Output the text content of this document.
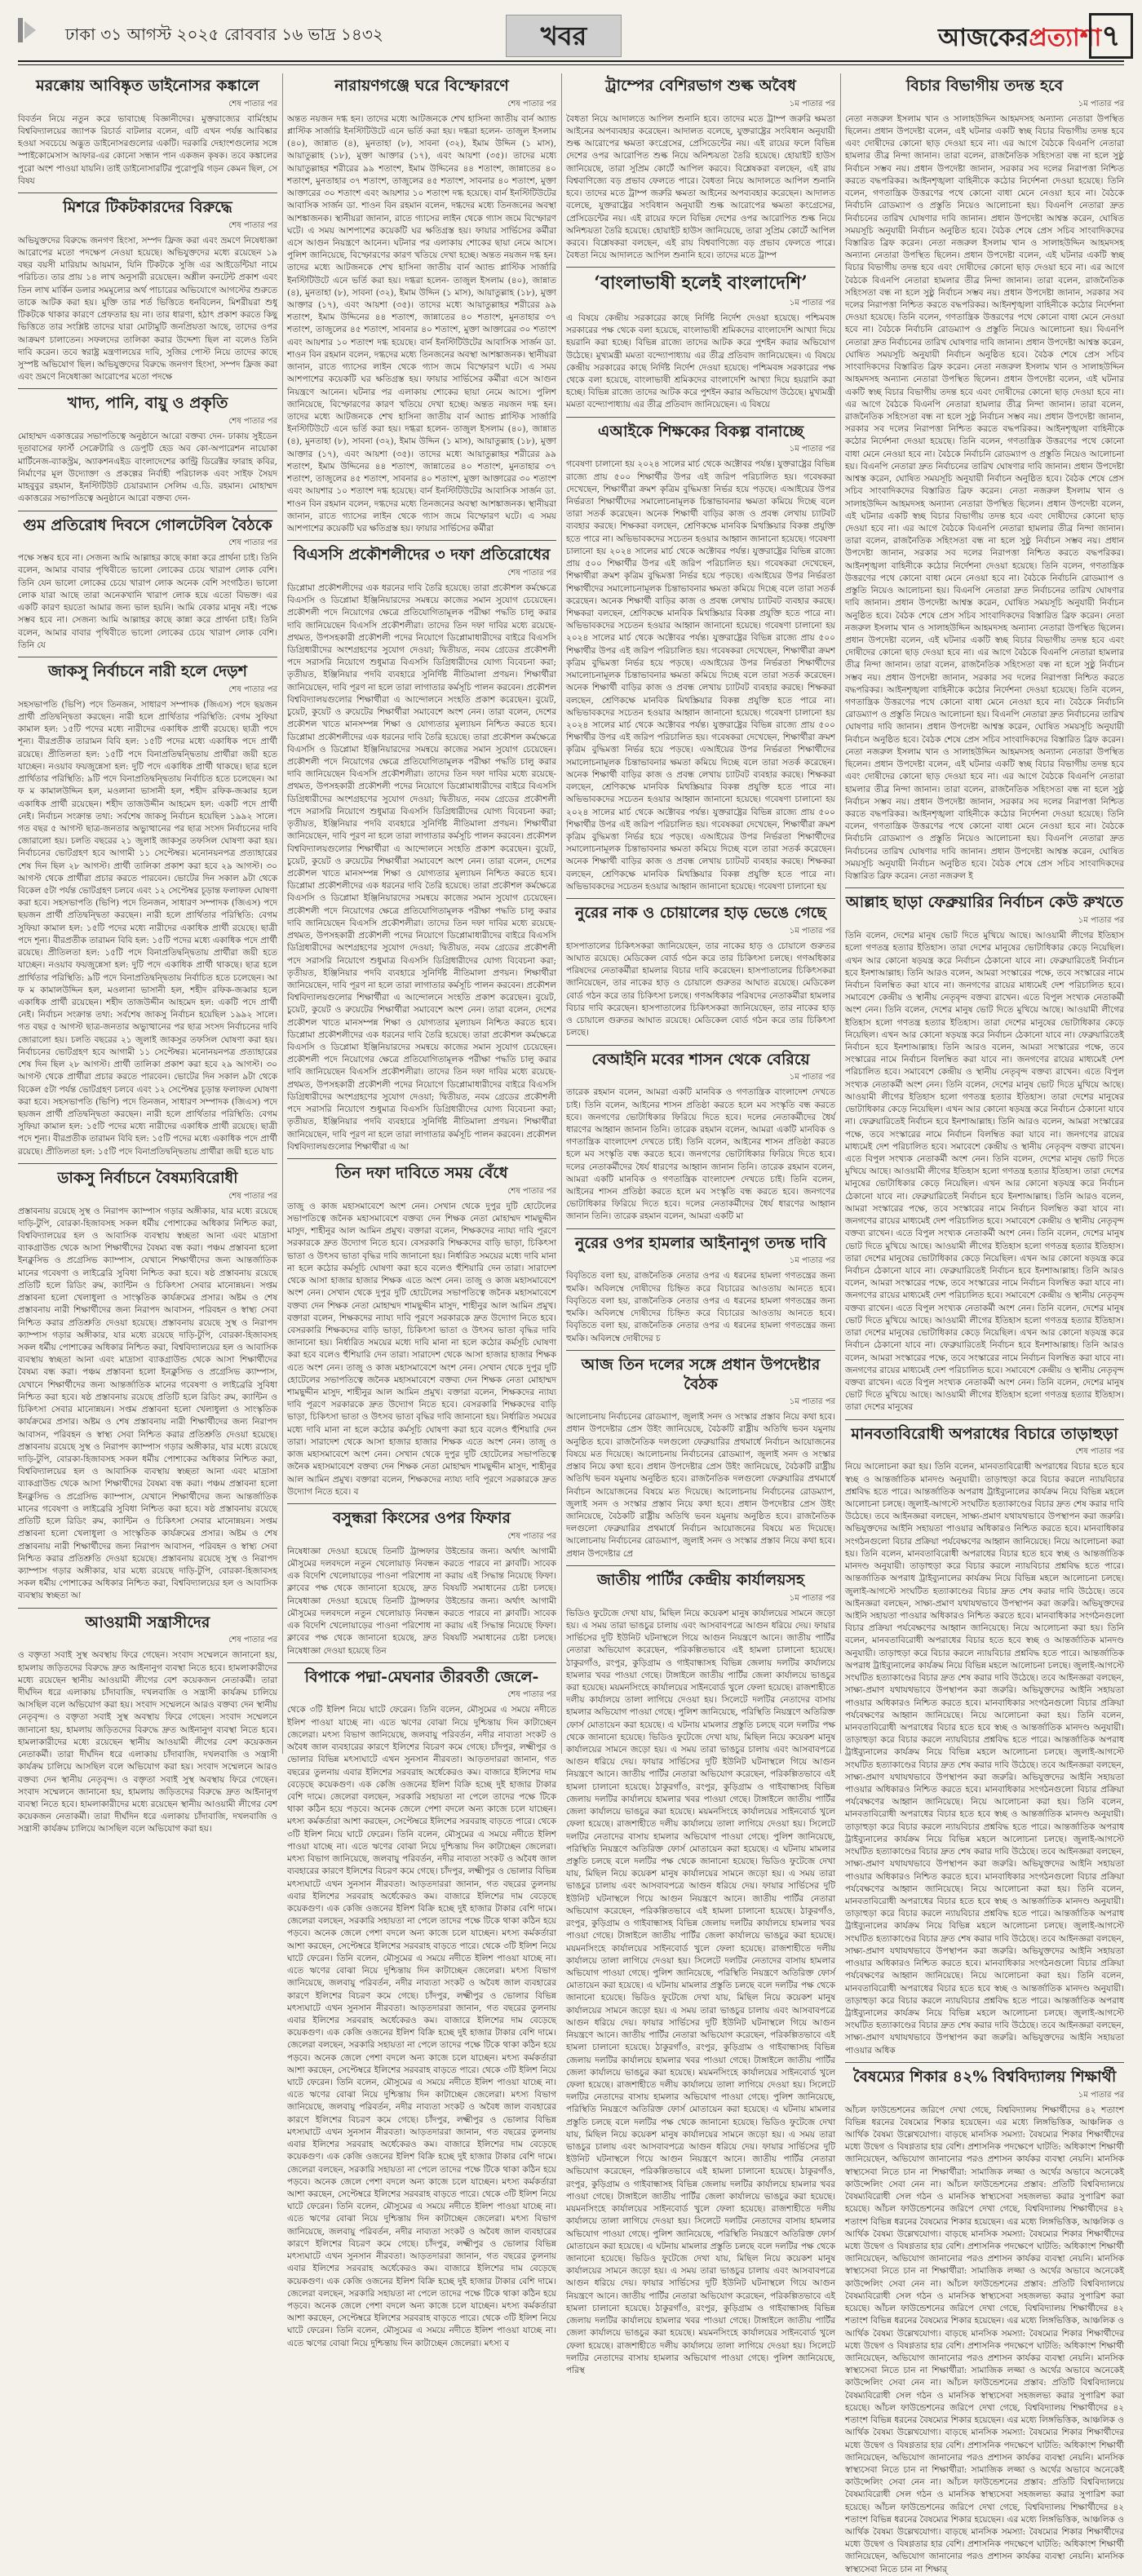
ঢাকা ৩১ আগস্ট ২০২৫ রোববার ১৬ ভাদ্র ১৪৩২	খবর	আজকেরপ্রত্যাশা ৭
মরক্কোয় আবিষ্কৃত ডাইনোসর কঙ্কালে
শেষ পাতার পর
বিবর্তন নিয়ে নতুন করে ভাবাচ্ছে বিজ্ঞানীদের। মুক্তরাজ্যের বার্মিংহাম বিশ্ববিদ্যালয়ের জ্যাপক রিচার্ড বাটলার বলেন, এটি এখন পর্যন্ত আবিষ্কার হওয়া সবচেয়ে অদ্ভুত ডাইনোসরগুলোর একটি। দরকারি দেহাংশগুলোর সঙ্গে স্পাইকোমেসাস আফার-এর কোনো সন্ধান পান একজন কৃষক। তবে কঙ্কালের পুরো অংশ পাওয়া যায়নি। তাই ডাইনোসারটির পুরোপুরি গড়ন কেমন ছিল, সে বিষয
মিশরে টিকটকারদের বিরুদ্ধে
শেষ পাতার পর
অভিযুক্তদের বিরুদ্ধে জনগণ হিংসা, সম্পদ ফ্রিজ করা এবং ভ্রমণে নিষেধাজ্ঞা আরোপের মতো পদক্ষেপ নেওয়া হয়েছে। অভিযুক্তদের মধ্যে রয়েছেন ১৯ বছর বয়সী মারিয়াম আয়মান, যিনি টিকটকে সুজি এর আইডেন্টিয়া নামে পরিচিত। তার প্রায় ১৪ লাখ অনুসারী রয়েছেন। অশ্লীল কনটেন্ট প্রকাশ এবং তিন লাখ মার্কিন ডলার সমমূল্যের অর্থ পাচারের অভিযোগে আগস্টের শুরুতে তাকে আটক করা হয়। মুক্তি তার শর্ত ভিত্তিতে ধনবিলেন, মিশরীয়রা শুধু টিকটকে থাকার কারণে প্রেফতার হয় না। তার ধারণা, হঠাৎ প্রকাশ করতে কিছু ভিত্তিতে তার সংশ্লিষ্ট তাদের যারা মোটামুটি জনপ্রিয়তা আছে, তাদের ওপর আক্রমণ চালাতেন। সফলদের তালিকা করার উদ্দেশ্য ছিল না বলেও তিনি দাবি করেন। তবে স্বরাষ্ট্র মন্ত্রণালয়ের দাবি, সুজির পোস্ট নিয়ে তাদের কাছে সুস্পষ্ট অভিযোগ ছিল। অভিযুক্তদের বিরুদ্ধে জনগণ হিংসা, সম্পদ ফ্রিজ করা এবং ভ্রমণে নিষেধাজ্ঞা আরোপের মতো পদক্ষে
খাদ্য, পানি, বায়ু ও প্রকৃতি
শেষ পাতার পর
মোহাম্মদ একাত্তরের সভাপতিত্বে অনুষ্ঠানে আরো বক্তব্য দেন- ঢাকায় সুইডেন দূতাবাসের ফার্স্ট সেক্রেটারি ও ডেপুটি হেড অব কো-অপারেশন নায়োকা মার্টিনেজ-ব্যাকস্ট্রম, অ্যাকশনএইড বাংলাদেশের কান্ট্রি ডিরেক্টর ফারাহ কবির, নির্মাণের মূল উদ্যোক্তা ও প্রকল্পের নির্বাহী পরিচালক এবং সাইফ সৈয়দ মাহবুবুর রহমান, ইনস্টিটিউট চেয়ারম্যান সেলিম এ.ডি. রহমান। মোহাম্মদ একাত্তরের সভাপতিত্বে অনুষ্ঠানে আরো বক্তব্য দেন-
গুম প্রতিরোধ দিবসে গোলটেবিল বৈঠকে
শেষ পাতার পর
পক্ষে সম্ভব হবে না। সেজন্য আমি আল্লাহর কাছে কান্না করে প্রার্থনা চাই। তিনি বলেন, আমার বাবার পৃথিবীতে ভালো লোকের চেয়ে খারাপ লোক বেশি। তিনি যেন ভালো লোকের চেয়ে খারাপ লোক অনেক বেশি সংগঠিত। ভালো লোক যারা আছে তারা অনেকখানি খারাপ লোক হয়ে এতো বিভক্ত। এর একটি কারণ হয়তো আমার জন্য ভাল হয়নি। আমি বেকার মানুষ নই। পক্ষে সম্ভব হবে না। সেজন্য আমি আল্লাহর কাছে কান্না করে প্রার্থনা চাই। তিনি বলেন, আমার বাবার পৃথিবীতে ভালো লোকের চেয়ে খারাপ লোক বেশি। তিনি যে
জাকসু নির্বাচনে নারী হলে দেড়শ
শেষ পাতার পর
সহসভাপতি (ভিপি) পদে তিনজন, সাধারণ সম্পাদক (জিএস) পদে ছয়জন প্রার্থী প্রতিদ্বন্দ্বিতা করছেন। নারী হলে প্রার্থিতার পরিস্থিতি: বেগম সুফিয়া কামাল হল: ১৫টি পদের মধ্যে নারীদের একাধিক প্রার্থী রয়েছে। ছাত্রী পদে শূন্য। বীরপ্রতীক তারামন বিবি হল: ১৫টি পদের মধ্যে একাধিক পদে প্রার্থী রয়েছে। প্রীতিলতা হল: ১৫টি পদে বিনাপ্রতিদ্বন্দ্বিতায় প্রার্থীরা জয়ী হতে যাচ্ছেন। নওয়াব ফয়জুন্নেসা হল: দুটি পদে একাধিক প্রার্থী থাকছে। ছাত্র হলে প্রার্থিতার পরিস্থিতি: ৯টি পদে বিনাপ্রতিদ্বন্দ্বিতায় নির্বাচিত হতে চলেছেন। আ ফ ম কামালউদ্দিন হল, মওলানা ভাসানী হল, শহীদ রফিক-জব্বার হলে একাধিক প্রার্থী রয়েছেন। শহীদ তাজউদ্দীন আহমেদ হল: একটি পদে প্রার্থী নেই। নির্বাচন সংক্রান্ত তথ্য: সর্বশেষ জাকসু নির্বাচন হয়েছিল ১৯৯২ সালে। গত বছর ৫ আগস্ট ছাত্র-জনতার অভ্যুত্থানের পর ছাত্র সংসদ নির্বাচনের দাবি জোরালো হয়। চলতি বছরের ২১ জুলাই জাকসুর তফসিল ঘোষণা করা হয়। নির্বাচনের ভোটগ্রহণ হবে আগামী ১১ সেপ্টেম্বর। মনোনয়নপত্র প্রত্যাহারের শেষ দিন ছিল ২৮ আগস্ট। প্রার্থী তালিকা প্রকাশ করা হবে ২৯ আগস্ট। ৩০ আগস্ট থেকে প্রার্থীরা প্রচার করতে পারবেন। ভোটের দিন সকাল ৯টা থেকে বিকেল ৫টা পর্যন্ত ভোটগ্রহণ চলবে এবং ১২ সেপ্টেম্বর চূড়ান্ত ফলাফল ঘোষণা করা হবে। সহসভাপতি (ভিপি) পদে তিনজন, সাধারণ সম্পাদক (জিএস) পদে ছয়জন প্রার্থী প্রতিদ্বন্দ্বিতা করছেন। নারী হলে প্রার্থিতার পরিস্থিতি: বেগম সুফিয়া কামাল হল: ১৫টি পদের মধ্যে নারীদের একাধিক প্রার্থী রয়েছে। ছাত্রী পদে শূন্য। বীরপ্রতীক তারামন বিবি হল: ১৫টি পদের মধ্যে একাধিক পদে প্রার্থী রয়েছে। প্রীতিলতা হল: ১৫টি পদে বিনাপ্রতিদ্বন্দ্বিতায় প্রার্থীরা জয়ী হতে যাচ্ছেন। নওয়াব ফয়জুন্নেসা হল: দুটি পদে একাধিক প্রার্থী থাকছে। ছাত্র হলে প্রার্থিতার পরিস্থিতি: ৯টি পদে বিনাপ্রতিদ্বন্দ্বিতায় নির্বাচিত হতে চলেছেন। আ ফ ম কামালউদ্দিন হল, মওলানা ভাসানী হল, শহীদ রফিক-জব্বার হলে একাধিক প্রার্থী রয়েছেন। শহীদ তাজউদ্দীন আহমেদ হল: একটি পদে প্রার্থী নেই। নির্বাচন সংক্রান্ত তথ্য: সর্বশেষ জাকসু নির্বাচন হয়েছিল ১৯৯২ সালে। গত বছর ৫ আগস্ট ছাত্র-জনতার অভ্যুত্থানের পর ছাত্র সংসদ নির্বাচনের দাবি জোরালো হয়। চলতি বছরের ২১ জুলাই জাকসুর তফসিল ঘোষণা করা হয়। নির্বাচনের ভোটগ্রহণ হবে আগামী ১১ সেপ্টেম্বর। মনোনয়নপত্র প্রত্যাহারের শেষ দিন ছিল ২৮ আগস্ট। প্রার্থী তালিকা প্রকাশ করা হবে ২৯ আগস্ট। ৩০ আগস্ট থেকে প্রার্থীরা প্রচার করতে পারবেন। ভোটের দিন সকাল ৯টা থেকে বিকেল ৫টা পর্যন্ত ভোটগ্রহণ চলবে এবং ১২ সেপ্টেম্বর চূড়ান্ত ফলাফল ঘোষণা করা হবে। সহসভাপতি (ভিপি) পদে তিনজন, সাধারণ সম্পাদক (জিএস) পদে ছয়জন প্রার্থী প্রতিদ্বন্দ্বিতা করছেন। নারী হলে প্রার্থিতার পরিস্থিতি: বেগম সুফিয়া কামাল হল: ১৫টি পদের মধ্যে নারীদের একাধিক প্রার্থী রয়েছে। ছাত্রী পদে শূন্য। বীরপ্রতীক তারামন বিবি হল: ১৫টি পদের মধ্যে একাধিক পদে প্রার্থী রয়েছে। প্রীতিলতা হল: ১৫টি পদে বিনাপ্রতিদ্বন্দ্বিতায় প্রার্থীরা জয়ী হতে যাচ
ডাকসু নির্বাচনে বৈষম্যবিরোধী
শেষ পাতার পর
প্রস্তাবনায় রয়েছে সুস্থ ও নিরাপদ ক্যাম্পাস গড়ার অঙ্গীকার, যার মধ্যে রয়েছে দাড়ি-টুপি, বোরকা-হিজাবসহ সকল ধর্মীয় পোশাকের অধিকার নিশ্চিত করা, বিশ্ববিদ্যালয়ের হল ও আবাসিক ব্যবস্থায় স্বচ্ছতা আনা এবং মাদ্রাসা ব্যাকগ্রাউন্ড থেকে আসা শিক্ষার্থীদের বৈষম্য বন্ধ করা। পঞ্চম প্রস্তাবনা হলো ইনক্লুসিভ ও প্রগ্রেসিভ ক্যাম্পাস, যেখানে শিক্ষার্থীদের জন্য আন্তর্জাতিক মানের গবেষণা ও লাইব্রেরি সুবিধা নিশ্চিত করা হবে। ষষ্ঠ প্রস্তাবনায় রয়েছে প্রতিটি হলে রিডিং রুম, ক্যান্টিন ও চিকিৎসা সেবার মানোন্নয়ন। সপ্তম প্রস্তাবনা হলো খেলাধুলা ও সাংস্কৃতিক কার্যক্রমের প্রসার। অষ্টম ও শেষ প্রস্তাবনায় নারী শিক্ষার্থীদের জন্য নিরাপদ আবাসন, পরিবহন ও স্বাস্থ্য সেবা নিশ্চিত করার প্রতিশ্রুতি দেওয়া হয়েছে। প্রস্তাবনায় রয়েছে সুস্থ ও নিরাপদ ক্যাম্পাস গড়ার অঙ্গীকার, যার মধ্যে রয়েছে দাড়ি-টুপি, বোরকা-হিজাবসহ সকল ধর্মীয় পোশাকের অধিকার নিশ্চিত করা, বিশ্ববিদ্যালয়ের হল ও আবাসিক ব্যবস্থায় স্বচ্ছতা আনা এবং মাদ্রাসা ব্যাকগ্রাউন্ড থেকে আসা শিক্ষার্থীদের বৈষম্য বন্ধ করা। পঞ্চম প্রস্তাবনা হলো ইনক্লুসিভ ও প্রগ্রেসিভ ক্যাম্পাস, যেখানে শিক্ষার্থীদের জন্য আন্তর্জাতিক মানের গবেষণা ও লাইব্রেরি সুবিধা নিশ্চিত করা হবে। ষষ্ঠ প্রস্তাবনায় রয়েছে প্রতিটি হলে রিডিং রুম, ক্যান্টিন ও চিকিৎসা সেবার মানোন্নয়ন। সপ্তম প্রস্তাবনা হলো খেলাধুলা ও সাংস্কৃতিক কার্যক্রমের প্রসার। অষ্টম ও শেষ প্রস্তাবনায় নারী শিক্ষার্থীদের জন্য নিরাপদ আবাসন, পরিবহন ও স্বাস্থ্য সেবা নিশ্চিত করার প্রতিশ্রুতি দেওয়া হয়েছে। প্রস্তাবনায় রয়েছে সুস্থ ও নিরাপদ ক্যাম্পাস গড়ার অঙ্গীকার, যার মধ্যে রয়েছে দাড়ি-টুপি, বোরকা-হিজাবসহ সকল ধর্মীয় পোশাকের অধিকার নিশ্চিত করা, বিশ্ববিদ্যালয়ের হল ও আবাসিক ব্যবস্থায় স্বচ্ছতা আনা এবং মাদ্রাসা ব্যাকগ্রাউন্ড থেকে আসা শিক্ষার্থীদের বৈষম্য বন্ধ করা। পঞ্চম প্রস্তাবনা হলো ইনক্লুসিভ ও প্রগ্রেসিভ ক্যাম্পাস, যেখানে শিক্ষার্থীদের জন্য আন্তর্জাতিক মানের গবেষণা ও লাইব্রেরি সুবিধা নিশ্চিত করা হবে। ষষ্ঠ প্রস্তাবনায় রয়েছে প্রতিটি হলে রিডিং রুম, ক্যান্টিন ও চিকিৎসা সেবার মানোন্নয়ন। সপ্তম প্রস্তাবনা হলো খেলাধুলা ও সাংস্কৃতিক কার্যক্রমের প্রসার। অষ্টম ও শেষ প্রস্তাবনায় নারী শিক্ষার্থীদের জন্য নিরাপদ আবাসন, পরিবহন ও স্বাস্থ্য সেবা নিশ্চিত করার প্রতিশ্রুতি দেওয়া হয়েছে। প্রস্তাবনায় রয়েছে সুস্থ ও নিরাপদ ক্যাম্পাস গড়ার অঙ্গীকার, যার মধ্যে রয়েছে দাড়ি-টুপি, বোরকা-হিজাবসহ সকল ধর্মীয় পোশাকের অধিকার নিশ্চিত করা, বিশ্ববিদ্যালয়ের হল ও আবাসিক ব্যবস্থায় স্বচ্ছতা আ
আওয়ামী সন্ত্রাসীদের
শেষ পাতার পর
ও বক্তৃতা সবাই সুস্থ অবস্থায় ফিরে গেছেন। সংবাদ সম্মেলনে জানানো হয়, হামলায় জড়িতদের বিরুদ্ধে দ্রুত আইনানুগ ব্যবস্থা নিতে হবে। হামলাকারীদের মধ্যে রয়েছেন স্থানীয় আওয়ামী লীগের বেশ কয়েকজন নেতাকর্মী। তারা দীর্ঘদিন ধরে এলাকায় চাঁদাবাজি, দখলবাজি ও সন্ত্রাসী কার্যক্রম চালিয়ে আসছিল বলে অভিযোগ করা হয়। সংবাদ সম্মেলনে আরও বক্তব্য দেন স্থানীয় নেতৃবৃন্দ। ও বক্তৃতা সবাই সুস্থ অবস্থায় ফিরে গেছেন। সংবাদ সম্মেলনে জানানো হয়, হামলায় জড়িতদের বিরুদ্ধে দ্রুত আইনানুগ ব্যবস্থা নিতে হবে। হামলাকারীদের মধ্যে রয়েছেন স্থানীয় আওয়ামী লীগের বেশ কয়েকজন নেতাকর্মী। তারা দীর্ঘদিন ধরে এলাকায় চাঁদাবাজি, দখলবাজি ও সন্ত্রাসী কার্যক্রম চালিয়ে আসছিল বলে অভিযোগ করা হয়। সংবাদ সম্মেলনে আরও বক্তব্য দেন স্থানীয় নেতৃবৃন্দ। ও বক্তৃতা সবাই সুস্থ অবস্থায় ফিরে গেছেন। সংবাদ সম্মেলনে জানানো হয়, হামলায় জড়িতদের বিরুদ্ধে দ্রুত আইনানুগ ব্যবস্থা নিতে হবে। হামলাকারীদের মধ্যে রয়েছেন স্থানীয় আওয়ামী লীগের বেশ কয়েকজন নেতাকর্মী। তারা দীর্ঘদিন ধরে এলাকায় চাঁদাবাজি, দখলবাজি ও সন্ত্রাসী কার্যক্রম চালিয়ে আসছিল বলে অভিযোগ করা হয়।
নারায়ণগঞ্জে ঘরে বিস্ফোরণে
শেষ পাতার পর
অন্তত নয়জন দগ্ধ হন। তাদের মধ্যে আটজনকে শেখ হাসিনা জাতীয় বার্ন অ্যান্ড প্লাস্টিক সার্জারি ইনস্টিটিউটে এনে ভর্তি করা হয়। দগ্ধরা হলেন- তাজুল ইসলাম (৪০), জান্নাত (৪), মুনতাহা (৮), সাবনা (৩২), ইমাম উদ্দিন (১ মাস), আয়াতুল্লাহ (১৮), মুক্তা আক্তার (১৭), এবং আয়শা (৩৫)। তাদের মধ্যে আয়াতুল্লাহর শরীরের ৯৯ শতাংশ, ইমাম উদ্দিনের ৪৪ শতাংশ, জান্নাতের ৪০ শতাংশ, মুনতাহার ৩৭ শতাংশ, তাজুলের ৪৫ শতাংশ, সাবনার ৪০ শতাংশ, মুক্তা আক্তারের ৩০ শতাংশ এবং আয়শার ১০ শতাংশ দগ্ধ হয়েছে। বার্ন ইনস্টিটিউটের আবাসিক সার্জন ডা. শাওন বিন রহমান বলেন, দগ্ধদের মধ্যে তিনজনের অবস্থা আশঙ্কাজনক। স্থানীয়রা জানান, রাতে গ্যাসের লাইন থেকে গ্যাস জমে বিস্ফোরণ ঘটে। এ সময় আশপাশের কয়েকটি ঘর ক্ষতিগ্রস্ত হয়। ফায়ার সার্ভিসের কর্মীরা এসে আগুন নিয়ন্ত্রণে আনেন। ঘটনার পর এলাকায় শোকের ছায়া নেমে আসে। পুলিশ জানিয়েছে, বিস্ফোরণের কারণ খতিয়ে দেখা হচ্ছে। অন্তত নয়জন দগ্ধ হন। তাদের মধ্যে আটজনকে শেখ হাসিনা জাতীয় বার্ন অ্যান্ড প্লাস্টিক সার্জারি ইনস্টিটিউটে এনে ভর্তি করা হয়। দগ্ধরা হলেন- তাজুল ইসলাম (৪০), জান্নাত (৪), মুনতাহা (৮), সাবনা (৩২), ইমাম উদ্দিন (১ মাস), আয়াতুল্লাহ (১৮), মুক্তা আক্তার (১৭), এবং আয়শা (৩৫)। তাদের মধ্যে আয়াতুল্লাহর শরীরের ৯৯ শতাংশ, ইমাম উদ্দিনের ৪৪ শতাংশ, জান্নাতের ৪০ শতাংশ, মুনতাহার ৩৭ শতাংশ, তাজুলের ৪৫ শতাংশ, সাবনার ৪০ শতাংশ, মুক্তা আক্তারের ৩০ শতাংশ এবং আয়শার ১০ শতাংশ দগ্ধ হয়েছে। বার্ন ইনস্টিটিউটের আবাসিক সার্জন ডা. শাওন বিন রহমান বলেন, দগ্ধদের মধ্যে তিনজনের অবস্থা আশঙ্কাজনক। স্থানীয়রা জানান, রাতে গ্যাসের লাইন থেকে গ্যাস জমে বিস্ফোরণ ঘটে। এ সময় আশপাশের কয়েকটি ঘর ক্ষতিগ্রস্ত হয়। ফায়ার সার্ভিসের কর্মীরা এসে আগুন নিয়ন্ত্রণে আনেন। ঘটনার পর এলাকায় শোকের ছায়া নেমে আসে। পুলিশ জানিয়েছে, বিস্ফোরণের কারণ খতিয়ে দেখা হচ্ছে। অন্তত নয়জন দগ্ধ হন। তাদের মধ্যে আটজনকে শেখ হাসিনা জাতীয় বার্ন অ্যান্ড প্লাস্টিক সার্জারি ইনস্টিটিউটে এনে ভর্তি করা হয়। দগ্ধরা হলেন- তাজুল ইসলাম (৪০), জান্নাত (৪), মুনতাহা (৮), সাবনা (৩২), ইমাম উদ্দিন (১ মাস), আয়াতুল্লাহ (১৮), মুক্তা আক্তার (১৭), এবং আয়শা (৩৫)। তাদের মধ্যে আয়াতুল্লাহর শরীরের ৯৯ শতাংশ, ইমাম উদ্দিনের ৪৪ শতাংশ, জান্নাতের ৪০ শতাংশ, মুনতাহার ৩৭ শতাংশ, তাজুলের ৪৫ শতাংশ, সাবনার ৪০ শতাংশ, মুক্তা আক্তারের ৩০ শতাংশ এবং আয়শার ১০ শতাংশ দগ্ধ হয়েছে। বার্ন ইনস্টিটিউটের আবাসিক সার্জন ডা. শাওন বিন রহমান বলেন, দগ্ধদের মধ্যে তিনজনের অবস্থা আশঙ্কাজনক। স্থানীয়রা জানান, রাতে গ্যাসের লাইন থেকে গ্যাস জমে বিস্ফোরণ ঘটে। এ সময় আশপাশের কয়েকটি ঘর ক্ষতিগ্রস্ত হয়। ফায়ার সার্ভিসের কর্মীরা
বিএসসি প্রকৌশলীদের ৩ দফা প্রতিরোধের
শেষ পাতার পর
ডিপ্লোমা প্রকৌশলীদের এক ধরনের দাবি তৈরি হয়েছে। তারা প্রকৌশল কর্মক্ষেত্রে বিএসসি ও ডিপ্লোমা ইঞ্জিনিয়ারদের সমন্বয়ে কাজের সমান সুযোগ চেয়েছেন। প্রকৌশলী পদে নিয়োগের ক্ষেত্রে প্রতিযোগিতামূলক পরীক্ষা পদ্ধতি চালু করার দাবি জানিয়েছেন বিএসসি প্রকৌশলীরা। তাদের তিন দফা দাবির মধ্যে রয়েছে- প্রথমত, উপসহকারী প্রকৌশলী পদের নিয়োগে ডিপ্লোমাধারীদের বাইরে বিএসসি ডিগ্রিধারীদের অংশগ্রহণের সুযোগ দেওয়া; দ্বিতীয়ত, নবম গ্রেডের প্রকৌশলী পদে সরাসরি নিয়োগে শুধুমাত্র বিএসসি ডিগ্রিধারীদের যোগ্য বিবেচনা করা; তৃতীয়ত, ইঞ্জিনিয়ার পদবি ব্যবহারে সুনির্দিষ্ট নীতিমালা প্রণয়ন। শিক্ষার্থীরা জানিয়েছেন, দাবি পূরণ না হলে তারা লাগাতার কর্মসূচি পালন করবেন। প্রকৌশল বিশ্ববিদ্যালয়গুলোর শিক্ষার্থীরা এ আন্দোলনে সংহতি প্রকাশ করেছেন। বুয়েট, চুয়েট, কুয়েট ও রুয়েটের শিক্ষার্থীরা সমাবেশে অংশ নেন। তারা বলেন, দেশের প্রকৌশল খাতে মানসম্পন্ন শিক্ষা ও যোগ্যতার মূল্যায়ন নিশ্চিত করতে হবে। ডিপ্লোমা প্রকৌশলীদের এক ধরনের দাবি তৈরি হয়েছে। তারা প্রকৌশল কর্মক্ষেত্রে বিএসসি ও ডিপ্লোমা ইঞ্জিনিয়ারদের সমন্বয়ে কাজের সমান সুযোগ চেয়েছেন। প্রকৌশলী পদে নিয়োগের ক্ষেত্রে প্রতিযোগিতামূলক পরীক্ষা পদ্ধতি চালু করার দাবি জানিয়েছেন বিএসসি প্রকৌশলীরা। তাদের তিন দফা দাবির মধ্যে রয়েছে- প্রথমত, উপসহকারী প্রকৌশলী পদের নিয়োগে ডিপ্লোমাধারীদের বাইরে বিএসসি ডিগ্রিধারীদের অংশগ্রহণের সুযোগ দেওয়া; দ্বিতীয়ত, নবম গ্রেডের প্রকৌশলী পদে সরাসরি নিয়োগে শুধুমাত্র বিএসসি ডিগ্রিধারীদের যোগ্য বিবেচনা করা; তৃতীয়ত, ইঞ্জিনিয়ার পদবি ব্যবহারে সুনির্দিষ্ট নীতিমালা প্রণয়ন। শিক্ষার্থীরা জানিয়েছেন, দাবি পূরণ না হলে তারা লাগাতার কর্মসূচি পালন করবেন। প্রকৌশল বিশ্ববিদ্যালয়গুলোর শিক্ষার্থীরা এ আন্দোলনে সংহতি প্রকাশ করেছেন। বুয়েট, চুয়েট, কুয়েট ও রুয়েটের শিক্ষার্থীরা সমাবেশে অংশ নেন। তারা বলেন, দেশের প্রকৌশল খাতে মানসম্পন্ন শিক্ষা ও যোগ্যতার মূল্যায়ন নিশ্চিত করতে হবে। ডিপ্লোমা প্রকৌশলীদের এক ধরনের দাবি তৈরি হয়েছে। তারা প্রকৌশল কর্মক্ষেত্রে বিএসসি ও ডিপ্লোমা ইঞ্জিনিয়ারদের সমন্বয়ে কাজের সমান সুযোগ চেয়েছেন। প্রকৌশলী পদে নিয়োগের ক্ষেত্রে প্রতিযোগিতামূলক পরীক্ষা পদ্ধতি চালু করার দাবি জানিয়েছেন বিএসসি প্রকৌশলীরা। তাদের তিন দফা দাবির মধ্যে রয়েছে- প্রথমত, উপসহকারী প্রকৌশলী পদের নিয়োগে ডিপ্লোমাধারীদের বাইরে বিএসসি ডিগ্রিধারীদের অংশগ্রহণের সুযোগ দেওয়া; দ্বিতীয়ত, নবম গ্রেডের প্রকৌশলী পদে সরাসরি নিয়োগে শুধুমাত্র বিএসসি ডিগ্রিধারীদের যোগ্য বিবেচনা করা; তৃতীয়ত, ইঞ্জিনিয়ার পদবি ব্যবহারে সুনির্দিষ্ট নীতিমালা প্রণয়ন। শিক্ষার্থীরা জানিয়েছেন, দাবি পূরণ না হলে তারা লাগাতার কর্মসূচি পালন করবেন। প্রকৌশল বিশ্ববিদ্যালয়গুলোর শিক্ষার্থীরা এ আন্দোলনে সংহতি প্রকাশ করেছেন। বুয়েট, চুয়েট, কুয়েট ও রুয়েটের শিক্ষার্থীরা সমাবেশে অংশ নেন। তারা বলেন, দেশের প্রকৌশল খাতে মানসম্পন্ন শিক্ষা ও যোগ্যতার মূল্যায়ন নিশ্চিত করতে হবে। ডিপ্লোমা প্রকৌশলীদের এক ধরনের দাবি তৈরি হয়েছে। তারা প্রকৌশল কর্মক্ষেত্রে বিএসসি ও ডিপ্লোমা ইঞ্জিনিয়ারদের সমন্বয়ে কাজের সমান সুযোগ চেয়েছেন। প্রকৌশলী পদে নিয়োগের ক্ষেত্রে প্রতিযোগিতামূলক পরীক্ষা পদ্ধতি চালু করার দাবি জানিয়েছেন বিএসসি প্রকৌশলীরা। তাদের তিন দফা দাবির মধ্যে রয়েছে- প্রথমত, উপসহকারী প্রকৌশলী পদের নিয়োগে ডিপ্লোমাধারীদের বাইরে বিএসসি ডিগ্রিধারীদের অংশগ্রহণের সুযোগ দেওয়া; দ্বিতীয়ত, নবম গ্রেডের প্রকৌশলী পদে সরাসরি নিয়োগে শুধুমাত্র বিএসসি ডিগ্রিধারীদের যোগ্য বিবেচনা করা; তৃতীয়ত, ইঞ্জিনিয়ার পদবি ব্যবহারে সুনির্দিষ্ট নীতিমালা প্রণয়ন। শিক্ষার্থীরা জানিয়েছেন, দাবি পূরণ না হলে তারা লাগাতার কর্মসূচি পালন করবেন। প্রকৌশল বিশ্ববিদ্যালয়গুলোর শিক্ষার্থীরা এ আ
তিন দফা দাবিতে সময় বেঁধে
শেষ পাতার পর
তাজু ও কাজ মহাসমাবেশে অংশ নেন। সেখান থেকে দুপুর দুটি হোটেলের সভাপতিত্বে জনৈক মহাসমাবেশে বক্তব্য দেন শিক্ষক নেতা মোহাম্মদ শামছুদ্দীন মাসুদ, শাহীনুর আল আমিন প্রমুখ। বক্তারা বলেন, শিক্ষকদের ন্যায্য দাবি পূরণে সরকারকে দ্রুত উদ্যোগ নিতে হবে। বেসরকারি শিক্ষকদের বাড়ি ভাড়া, চিকিৎসা ভাতা ও উৎসব ভাতা বৃদ্ধির দাবি জানানো হয়। নির্ধারিত সময়ের মধ্যে দাবি মানা না হলে কঠোর কর্মসূচি ঘোষণা করা হবে বলেও হুঁশিয়ারি দেন তারা। সারাদেশ থেকে আসা হাজার হাজার শিক্ষক এতে অংশ নেন। তাজু ও কাজ মহাসমাবেশে অংশ নেন। সেখান থেকে দুপুর দুটি হোটেলের সভাপতিত্বে জনৈক মহাসমাবেশে বক্তব্য দেন শিক্ষক নেতা মোহাম্মদ শামছুদ্দীন মাসুদ, শাহীনুর আল আমিন প্রমুখ। বক্তারা বলেন, শিক্ষকদের ন্যায্য দাবি পূরণে সরকারকে দ্রুত উদ্যোগ নিতে হবে। বেসরকারি শিক্ষকদের বাড়ি ভাড়া, চিকিৎসা ভাতা ও উৎসব ভাতা বৃদ্ধির দাবি জানানো হয়। নির্ধারিত সময়ের মধ্যে দাবি মানা না হলে কঠোর কর্মসূচি ঘোষণা করা হবে বলেও হুঁশিয়ারি দেন তারা। সারাদেশ থেকে আসা হাজার হাজার শিক্ষক এতে অংশ নেন। তাজু ও কাজ মহাসমাবেশে অংশ নেন। সেখান থেকে দুপুর দুটি হোটেলের সভাপতিত্বে জনৈক মহাসমাবেশে বক্তব্য দেন শিক্ষক নেতা মোহাম্মদ শামছুদ্দীন মাসুদ, শাহীনুর আল আমিন প্রমুখ। বক্তারা বলেন, শিক্ষকদের ন্যায্য দাবি পূরণে সরকারকে দ্রুত উদ্যোগ নিতে হবে। বেসরকারি শিক্ষকদের বাড়ি ভাড়া, চিকিৎসা ভাতা ও উৎসব ভাতা বৃদ্ধির দাবি জানানো হয়। নির্ধারিত সময়ের মধ্যে দাবি মানা না হলে কঠোর কর্মসূচি ঘোষণা করা হবে বলেও হুঁশিয়ারি দেন তারা। সারাদেশ থেকে আসা হাজার হাজার শিক্ষক এতে অংশ নেন। তাজু ও কাজ মহাসমাবেশে অংশ নেন। সেখান থেকে দুপুর দুটি হোটেলের সভাপতিত্বে জনৈক মহাসমাবেশে বক্তব্য দেন শিক্ষক নেতা মোহাম্মদ শামছুদ্দীন মাসুদ, শাহীনুর আল আমিন প্রমুখ। বক্তারা বলেন, শিক্ষকদের ন্যায্য দাবি পূরণে সরকারকে দ্রুত উদ্যোগ নিতে হবে। ব
বসুন্ধরা কিংসের ওপর ফিফার
শেষ পাতার পর
নিষেধাজ্ঞা দেওয়া হয়েছে তিনটি ট্রান্সফার উইন্ডোর জন্য। অর্থাৎ আগামী মৌসুমের দলবদলে নতুন খেলোয়াড় নিবন্ধন করতে পারবে না ক্লাবটি। সাবেক এক বিদেশি খেলোয়াড়ের পাওনা পরিশোধ না করায় এই সিদ্ধান্ত নিয়েছে ফিফা। ক্লাবের পক্ষ থেকে জানানো হয়েছে, দ্রুত বিষয়টি সমাধানের চেষ্টা চলছে। নিষেধাজ্ঞা দেওয়া হয়েছে তিনটি ট্রান্সফার উইন্ডোর জন্য। অর্থাৎ আগামী মৌসুমের দলবদলে নতুন খেলোয়াড় নিবন্ধন করতে পারবে না ক্লাবটি। সাবেক এক বিদেশি খেলোয়াড়ের পাওনা পরিশোধ না করায় এই সিদ্ধান্ত নিয়েছে ফিফা। ক্লাবের পক্ষ থেকে জানানো হয়েছে, দ্রুত বিষয়টি সমাধানের চেষ্টা চলছে। নিষেধাজ্ঞা দেওয়া হয়েছে তিন
বিপাকে পদ্মা-মেঘনার তীরবর্তী জেলে-
শেষ পাতার পর
থেকে ৩টি ইলিশ নিয়ে ঘাটে ফেরেন। তিনি বলেন, মৌসুমের এ সময়ে নদীতে ইলিশ পাওয়া যাচ্ছে না। এতে ঋণের বোঝা নিয়ে দুশ্চিন্তায় দিন কাটাচ্ছেন জেলেরা। মৎস্য বিভাগ জানিয়েছে, জলবায়ু পরিবর্তন, নদীর নাব্যতা সংকট ও অবৈধ জাল ব্যবহারের কারণে ইলিশের বিচরণ কমে গেছে। চাঁদপুর, লক্ষ্মীপুর ও ভোলার বিভিন্ন মৎস্যঘাটে এখন সুনসান নীরবতা। আড়তদাররা জানান, গত বছরের তুলনায় এবার ইলিশের সরবরাহ অর্ধেকেরও কম। বাজারে ইলিশের দাম বেড়েছে কয়েকগুণ। এক কেজি ওজনের ইলিশ বিক্রি হচ্ছে দুই হাজার টাকার বেশি দামে। জেলেরা বলছেন, সরকারি সহায়তা না পেলে তাদের পক্ষে টিকে থাকা কঠিন হয়ে পড়বে। অনেক জেলে পেশা বদলে অন্য কাজে চলে যাচ্ছেন। মৎস্য কর্মকর্তারা আশা করছেন, সেপ্টেম্বরে ইলিশের সরবরাহ বাড়তে পারে। থেকে ৩টি ইলিশ নিয়ে ঘাটে ফেরেন। তিনি বলেন, মৌসুমের এ সময়ে নদীতে ইলিশ পাওয়া যাচ্ছে না। এতে ঋণের বোঝা নিয়ে দুশ্চিন্তায় দিন কাটাচ্ছেন জেলেরা। মৎস্য বিভাগ জানিয়েছে, জলবায়ু পরিবর্তন, নদীর নাব্যতা সংকট ও অবৈধ জাল ব্যবহারের কারণে ইলিশের বিচরণ কমে গেছে। চাঁদপুর, লক্ষ্মীপুর ও ভোলার বিভিন্ন মৎস্যঘাটে এখন সুনসান নীরবতা। আড়তদাররা জানান, গত বছরের তুলনায় এবার ইলিশের সরবরাহ অর্ধেকেরও কম। বাজারে ইলিশের দাম বেড়েছে কয়েকগুণ। এক কেজি ওজনের ইলিশ বিক্রি হচ্ছে দুই হাজার টাকার বেশি দামে। জেলেরা বলছেন, সরকারি সহায়তা না পেলে তাদের পক্ষে টিকে থাকা কঠিন হয়ে পড়বে। অনেক জেলে পেশা বদলে অন্য কাজে চলে যাচ্ছেন। মৎস্য কর্মকর্তারা আশা করছেন, সেপ্টেম্বরে ইলিশের সরবরাহ বাড়তে পারে। থেকে ৩টি ইলিশ নিয়ে ঘাটে ফেরেন। তিনি বলেন, মৌসুমের এ সময়ে নদীতে ইলিশ পাওয়া যাচ্ছে না। এতে ঋণের বোঝা নিয়ে দুশ্চিন্তায় দিন কাটাচ্ছেন জেলেরা। মৎস্য বিভাগ জানিয়েছে, জলবায়ু পরিবর্তন, নদীর নাব্যতা সংকট ও অবৈধ জাল ব্যবহারের কারণে ইলিশের বিচরণ কমে গেছে। চাঁদপুর, লক্ষ্মীপুর ও ভোলার বিভিন্ন মৎস্যঘাটে এখন সুনসান নীরবতা। আড়তদাররা জানান, গত বছরের তুলনায় এবার ইলিশের সরবরাহ অর্ধেকেরও কম। বাজারে ইলিশের দাম বেড়েছে কয়েকগুণ। এক কেজি ওজনের ইলিশ বিক্রি হচ্ছে দুই হাজার টাকার বেশি দামে। জেলেরা বলছেন, সরকারি সহায়তা না পেলে তাদের পক্ষে টিকে থাকা কঠিন হয়ে পড়বে। অনেক জেলে পেশা বদলে অন্য কাজে চলে যাচ্ছেন। মৎস্য কর্মকর্তারা আশা করছেন, সেপ্টেম্বরে ইলিশের সরবরাহ বাড়তে পারে। থেকে ৩টি ইলিশ নিয়ে ঘাটে ফেরেন। তিনি বলেন, মৌসুমের এ সময়ে নদীতে ইলিশ পাওয়া যাচ্ছে না। এতে ঋণের বোঝা নিয়ে দুশ্চিন্তায় দিন কাটাচ্ছেন জেলেরা। মৎস্য বিভাগ জানিয়েছে, জলবায়ু পরিবর্তন, নদীর নাব্যতা সংকট ও অবৈধ জাল ব্যবহারের কারণে ইলিশের বিচরণ কমে গেছে। চাঁদপুর, লক্ষ্মীপুর ও ভোলার বিভিন্ন মৎস্যঘাটে এখন সুনসান নীরবতা। আড়তদাররা জানান, গত বছরের তুলনায় এবার ইলিশের সরবরাহ অর্ধেকেরও কম। বাজারে ইলিশের দাম বেড়েছে কয়েকগুণ। এক কেজি ওজনের ইলিশ বিক্রি হচ্ছে দুই হাজার টাকার বেশি দামে। জেলেরা বলছেন, সরকারি সহায়তা না পেলে তাদের পক্ষে টিকে থাকা কঠিন হয়ে পড়বে। অনেক জেলে পেশা বদলে অন্য কাজে চলে যাচ্ছেন। মৎস্য কর্মকর্তারা আশা করছেন, সেপ্টেম্বরে ইলিশের সরবরাহ বাড়তে পারে। থেকে ৩টি ইলিশ নিয়ে ঘাটে ফেরেন। তিনি বলেন, মৌসুমের এ সময়ে নদীতে ইলিশ পাওয়া যাচ্ছে না। এতে ঋণের বোঝা নিয়ে দুশ্চিন্তায় দিন কাটাচ্ছেন জেলেরা। মৎস্য বিভাগ জানিয়েছে, জলবায়ু পরিবর্তন, নদীর নাব্যতা সংকট ও অবৈধ জাল ব্যবহারের কারণে ইলিশের বিচরণ কমে গেছে। চাঁদপুর, লক্ষ্মীপুর ও ভোলার বিভিন্ন মৎস্যঘাটে এখন সুনসান নীরবতা। আড়তদাররা জানান, গত বছরের তুলনায় এবার ইলিশের সরবরাহ অর্ধেকেরও কম। বাজারে ইলিশের দাম বেড়েছে কয়েকগুণ। এক কেজি ওজনের ইলিশ বিক্রি হচ্ছে দুই হাজার টাকার বেশি দামে। জেলেরা বলছেন, সরকারি সহায়তা না পেলে তাদের পক্ষে টিকে থাকা কঠিন হয়ে পড়বে। অনেক জেলে পেশা বদলে অন্য কাজে চলে যাচ্ছেন। মৎস্য কর্মকর্তারা আশা করছেন, সেপ্টেম্বরে ইলিশের সরবরাহ বাড়তে পারে। থেকে ৩টি ইলিশ নিয়ে ঘাটে ফেরেন। তিনি বলেন, মৌসুমের এ সময়ে নদীতে ইলিশ পাওয়া যাচ্ছে না। এতে ঋণের বোঝা নিয়ে দুশ্চিন্তায় দিন কাটাচ্ছেন জেলেরা। মৎস্য ব
ট্রাম্পের বেশিরভাগ শুল্ক অবৈধ
১ম পাতার পর
বৈধতা নিয়ে আদালতে আপিল শুনানি হবে। তাদের মতে ট্রাম্প জরুরি ক্ষমতা আইনের অপব্যবহার করেছেন। আদালত বলেছে, যুক্তরাষ্ট্রের সংবিধান অনুযায়ী শুল্ক আরোপের ক্ষমতা কংগ্রেসের, প্রেসিডেন্টের নয়। এই রায়ের ফলে বিভিন্ন দেশের ওপর আরোপিত শুল্ক নিয়ে অনিশ্চয়তা তৈরি হয়েছে। হোয়াইট হাউস জানিয়েছে, তারা সুপ্রিম কোর্টে আপিল করবে। বিশ্লেষকরা বলছেন, এই রায় বিশ্ববাণিজ্যে বড় প্রভাব ফেলতে পারে। বৈধতা নিয়ে আদালতে আপিল শুনানি হবে। তাদের মতে ট্রাম্প জরুরি ক্ষমতা আইনের অপব্যবহার করেছেন। আদালত বলেছে, যুক্তরাষ্ট্রের সংবিধান অনুযায়ী শুল্ক আরোপের ক্ষমতা কংগ্রেসের, প্রেসিডেন্টের নয়। এই রায়ের ফলে বিভিন্ন দেশের ওপর আরোপিত শুল্ক নিয়ে অনিশ্চয়তা তৈরি হয়েছে। হোয়াইট হাউস জানিয়েছে, তারা সুপ্রিম কোর্টে আপিল করবে। বিশ্লেষকরা বলছেন, এই রায় বিশ্ববাণিজ্যে বড় প্রভাব ফেলতে পারে। বৈধতা নিয়ে আদালতে আপিল শুনানি হবে। তাদের মতে ট্রাম্প
‘বাংলাভাষী হলেই বাংলাদেশি’
১ম পাতার পর
এ বিষয়ে কেন্দ্রীয় সরকারের কাছে নির্দিষ্ট নির্দেশ দেওয়া হয়েছে। পশ্চিমবঙ্গ সরকারের পক্ষ থেকে বলা হয়েছে, বাংলাভাষী শ্রমিকদের বাংলাদেশি আখ্যা দিয়ে হয়রানি করা হচ্ছে। বিভিন্ন রাজ্যে তাদের আটক করে পুশইন করার অভিযোগ উঠেছে। মুখ্যমন্ত্রী মমতা বন্দ্যোপাধ্যায় এর তীব্র প্রতিবাদ জানিয়েছেন। এ বিষয়ে কেন্দ্রীয় সরকারের কাছে নির্দিষ্ট নির্দেশ দেওয়া হয়েছে। পশ্চিমবঙ্গ সরকারের পক্ষ থেকে বলা হয়েছে, বাংলাভাষী শ্রমিকদের বাংলাদেশি আখ্যা দিয়ে হয়রানি করা হচ্ছে। বিভিন্ন রাজ্যে তাদের আটক করে পুশইন করার অভিযোগ উঠেছে। মুখ্যমন্ত্রী মমতা বন্দ্যোপাধ্যায় এর তীব্র প্রতিবাদ জানিয়েছেন। এ বিষয়ে
এআইকে শিক্ষকের বিকল্প বানাচ্ছে
১ম পাতার পর
গবেষণা চালানো হয় ২০২৪ সালের মার্চ থেকে অক্টোবর পর্যন্ত। যুক্তরাষ্ট্রের বিভিন্ন রাজ্যে প্রায় ৫০০ শিক্ষার্থীর উপর এই জরিপ পরিচালিত হয়। গবেষকরা দেখেছেন, শিক্ষার্থীরা ক্রমশ কৃত্রিম বুদ্ধিমত্তা নির্ভর হয়ে পড়ছে। এআইয়ের উপর নির্ভরতা শিক্ষার্থীদের সমালোচনামূলক চিন্তাভাবনার ক্ষমতা কমিয়ে দিচ্ছে বলে তারা সতর্ক করেছেন। অনেক শিক্ষার্থী বাড়ির কাজ ও প্রবন্ধ লেখায় চ্যাটবট ব্যবহার করছে। শিক্ষকরা বলছেন, শ্রেণিকক্ষে মানবিক মিথস্ক্রিয়ার বিকল্প প্রযুক্তি হতে পারে না। অভিভাবকদের সচেতন হওয়ার আহ্বান জানানো হয়েছে। গবেষণা চালানো হয় ২০২৪ সালের মার্চ থেকে অক্টোবর পর্যন্ত। যুক্তরাষ্ট্রের বিভিন্ন রাজ্যে প্রায় ৫০০ শিক্ষার্থীর উপর এই জরিপ পরিচালিত হয়। গবেষকরা দেখেছেন, শিক্ষার্থীরা ক্রমশ কৃত্রিম বুদ্ধিমত্তা নির্ভর হয়ে পড়ছে। এআইয়ের উপর নির্ভরতা শিক্ষার্থীদের সমালোচনামূলক চিন্তাভাবনার ক্ষমতা কমিয়ে দিচ্ছে বলে তারা সতর্ক করেছেন। অনেক শিক্ষার্থী বাড়ির কাজ ও প্রবন্ধ লেখায় চ্যাটবট ব্যবহার করছে। শিক্ষকরা বলছেন, শ্রেণিকক্ষে মানবিক মিথস্ক্রিয়ার বিকল্প প্রযুক্তি হতে পারে না। অভিভাবকদের সচেতন হওয়ার আহ্বান জানানো হয়েছে। গবেষণা চালানো হয় ২০২৪ সালের মার্চ থেকে অক্টোবর পর্যন্ত। যুক্তরাষ্ট্রের বিভিন্ন রাজ্যে প্রায় ৫০০ শিক্ষার্থীর উপর এই জরিপ পরিচালিত হয়। গবেষকরা দেখেছেন, শিক্ষার্থীরা ক্রমশ কৃত্রিম বুদ্ধিমত্তা নির্ভর হয়ে পড়ছে। এআইয়ের উপর নির্ভরতা শিক্ষার্থীদের সমালোচনামূলক চিন্তাভাবনার ক্ষমতা কমিয়ে দিচ্ছে বলে তারা সতর্ক করেছেন। অনেক শিক্ষার্থী বাড়ির কাজ ও প্রবন্ধ লেখায় চ্যাটবট ব্যবহার করছে। শিক্ষকরা বলছেন, শ্রেণিকক্ষে মানবিক মিথস্ক্রিয়ার বিকল্প প্রযুক্তি হতে পারে না। অভিভাবকদের সচেতন হওয়ার আহ্বান জানানো হয়েছে। গবেষণা চালানো হয় ২০২৪ সালের মার্চ থেকে অক্টোবর পর্যন্ত। যুক্তরাষ্ট্রের বিভিন্ন রাজ্যে প্রায় ৫০০ শিক্ষার্থীর উপর এই জরিপ পরিচালিত হয়। গবেষকরা দেখেছেন, শিক্ষার্থীরা ক্রমশ কৃত্রিম বুদ্ধিমত্তা নির্ভর হয়ে পড়ছে। এআইয়ের উপর নির্ভরতা শিক্ষার্থীদের সমালোচনামূলক চিন্তাভাবনার ক্ষমতা কমিয়ে দিচ্ছে বলে তারা সতর্ক করেছেন। অনেক শিক্ষার্থী বাড়ির কাজ ও প্রবন্ধ লেখায় চ্যাটবট ব্যবহার করছে। শিক্ষকরা বলছেন, শ্রেণিকক্ষে মানবিক মিথস্ক্রিয়ার বিকল্প প্রযুক্তি হতে পারে না। অভিভাবকদের সচেতন হওয়ার আহ্বান জানানো হয়েছে। গবেষণা চালানো হয় ২০২৪ সালের মার্চ থেকে অক্টোবর পর্যন্ত। যুক্তরাষ্ট্রের বিভিন্ন রাজ্যে প্রায় ৫০০ শিক্ষার্থীর উপর এই জরিপ পরিচালিত হয়। গবেষকরা দেখেছেন, শিক্ষার্থীরা ক্রমশ কৃত্রিম বুদ্ধিমত্তা নির্ভর হয়ে পড়ছে। এআইয়ের উপর নির্ভরতা শিক্ষার্থীদের সমালোচনামূলক চিন্তাভাবনার ক্ষমতা কমিয়ে দিচ্ছে বলে তারা সতর্ক করেছেন। অনেক শিক্ষার্থী বাড়ির কাজ ও প্রবন্ধ লেখায় চ্যাটবট ব্যবহার করছে। শিক্ষকরা বলছেন, শ্রেণিকক্ষে মানবিক মিথস্ক্রিয়ার বিকল্প প্রযুক্তি হতে পারে না। অভিভাবকদের সচেতন হওয়ার আহ্বান জানানো হয়েছে। গবেষণা চালানো হয়
নুরের নাক ও চোয়ালের হাড় ভেঙে গেছে
১ম পাতার পর
হাসপাতালের চিকিৎসকরা জানিয়েছেন, তার নাকের হাড় ও চোয়ালে গুরুতর আঘাত রয়েছে। মেডিকেল বোর্ড গঠন করে তার চিকিৎসা চলছে। গণঅধিকার পরিষদের নেতাকর্মীরা হামলার বিচার দাবি করেছেন। হাসপাতালের চিকিৎসকরা জানিয়েছেন, তার নাকের হাড় ও চোয়ালে গুরুতর আঘাত রয়েছে। মেডিকেল বোর্ড গঠন করে তার চিকিৎসা চলছে। গণঅধিকার পরিষদের নেতাকর্মীরা হামলার বিচার দাবি করেছেন। হাসপাতালের চিকিৎসকরা জানিয়েছেন, তার নাকের হাড় ও চোয়ালে গুরুতর আঘাত রয়েছে। মেডিকেল বোর্ড গঠন করে তার চিকিৎসা চলছে।
বেআইনি মবের শাসন থেকে বেরিয়ে
১ম পাতার পর
তারেক রহমান বলেন, আমরা একটি মানবিক ও গণতান্ত্রিক বাংলাদেশ দেখতে চাই। তিনি বলেন, আইনের শাসন প্রতিষ্ঠা করতে হলে মব সংস্কৃতি বন্ধ করতে হবে। জনগণের ভোটাধিকার ফিরিয়ে দিতে হবে। দলের নেতাকর্মীদের ধৈর্য ধারণের আহ্বান জানান তিনি। তারেক রহমান বলেন, আমরা একটি মানবিক ও গণতান্ত্রিক বাংলাদেশ দেখতে চাই। তিনি বলেন, আইনের শাসন প্রতিষ্ঠা করতে হলে মব সংস্কৃতি বন্ধ করতে হবে। জনগণের ভোটাধিকার ফিরিয়ে দিতে হবে। দলের নেতাকর্মীদের ধৈর্য ধারণের আহ্বান জানান তিনি। তারেক রহমান বলেন, আমরা একটি মানবিক ও গণতান্ত্রিক বাংলাদেশ দেখতে চাই। তিনি বলেন, আইনের শাসন প্রতিষ্ঠা করতে হলে মব সংস্কৃতি বন্ধ করতে হবে। জনগণের ভোটাধিকার ফিরিয়ে দিতে হবে। দলের নেতাকর্মীদের ধৈর্য ধারণের আহ্বান জানান তিনি। তারেক রহমান বলেন, আমরা একটি মা
নুরের ওপর হামলার আইনানুগ তদন্ত দাবি
১ম পাতার পর
বিবৃতিতে বলা হয়, রাজনৈতিক নেতার ওপর এ ধরনের হামলা গণতন্ত্রের জন্য হুমকি। অবিলম্বে দোষীদের চিহ্নিত করে বিচারের আওতায় আনতে হবে। বিবৃতিতে বলা হয়, রাজনৈতিক নেতার ওপর এ ধরনের হামলা গণতন্ত্রের জন্য হুমকি। অবিলম্বে দোষীদের চিহ্নিত করে বিচারের আওতায় আনতে হবে। বিবৃতিতে বলা হয়, রাজনৈতিক নেতার ওপর এ ধরনের হামলা গণতন্ত্রের জন্য হুমকি। অবিলম্বে দোষীদের চ
আজ তিন দলের সঙ্গে প্রধান উপদেষ্টার বৈঠক
১ম পাতার পর
আলোচনায় নির্বাচনের রোডম্যাপ, জুলাই সনদ ও সংস্কার প্রস্তাব নিয়ে কথা হবে। প্রধান উপদেষ্টার প্রেস উইং জানিয়েছে, বৈঠকটি রাষ্ট্রীয় অতিথি ভবন যমুনায় অনুষ্ঠিত হবে। রাজনৈতিক দলগুলো ফেব্রুয়ারির প্রথমার্ধে নির্বাচন আয়োজনের বিষয়ে মত দিয়েছে। আলোচনায় নির্বাচনের রোডম্যাপ, জুলাই সনদ ও সংস্কার প্রস্তাব নিয়ে কথা হবে। প্রধান উপদেষ্টার প্রেস উইং জানিয়েছে, বৈঠকটি রাষ্ট্রীয় অতিথি ভবন যমুনায় অনুষ্ঠিত হবে। রাজনৈতিক দলগুলো ফেব্রুয়ারির প্রথমার্ধে নির্বাচন আয়োজনের বিষয়ে মত দিয়েছে। আলোচনায় নির্বাচনের রোডম্যাপ, জুলাই সনদ ও সংস্কার প্রস্তাব নিয়ে কথা হবে। প্রধান উপদেষ্টার প্রেস উইং জানিয়েছে, বৈঠকটি রাষ্ট্রীয় অতিথি ভবন যমুনায় অনুষ্ঠিত হবে। রাজনৈতিক দলগুলো ফেব্রুয়ারির প্রথমার্ধে নির্বাচন আয়োজনের বিষয়ে মত দিয়েছে। আলোচনায় নির্বাচনের রোডম্যাপ, জুলাই সনদ ও সংস্কার প্রস্তাব নিয়ে কথা হবে। প্রধান উপদেষ্টার প্রে
জাতীয় পার্টির কেন্দ্রীয় কার্যালয়সহ
১ম পাতার পর
ভিডিও ফুটেজে দেখা যায়, মিছিল নিয়ে কয়েকশ মানুষ কার্যালয়ের সামনে জড়ো হয়। এ সময় তারা ভাঙচুর চালায় এবং আসবাবপত্রে আগুন ধরিয়ে দেয়। ফায়ার সার্ভিসের দুটি ইউনিট ঘটনাস্থলে গিয়ে আগুন নিয়ন্ত্রণে আনে। জাতীয় পার্টির নেতারা অভিযোগ করেছেন, পরিকল্পিতভাবে এই হামলা চালানো হয়েছে। ঠাকুরগাঁও, রংপুর, কুড়িগ্রাম ও গাইবান্ধাসহ বিভিন্ন জেলায় দলটির কার্যালয়ে হামলার খবর পাওয়া গেছে। টাঙ্গাইলে জাতীয় পার্টির জেলা কার্যালয়ে ভাঙচুর করা হয়েছে। ময়মনসিংহে কার্যালয়ের সাইনবোর্ড খুলে ফেলা হয়েছে। রাজশাহীতে দলীয় কার্যালয়ে তালা লাগিয়ে দেওয়া হয়। সিলেটে দলটির নেতাদের বাসায় হামলার অভিযোগ পাওয়া গেছে। পুলিশ জানিয়েছে, পরিস্থিতি নিয়ন্ত্রণে অতিরিক্ত ফোর্স মোতায়েন করা হয়েছে। এ ঘটনায় মামলার প্রস্তুতি চলছে বলে দলটির পক্ষ থেকে জানানো হয়েছে। ভিডিও ফুটেজে দেখা যায়, মিছিল নিয়ে কয়েকশ মানুষ কার্যালয়ের সামনে জড়ো হয়। এ সময় তারা ভাঙচুর চালায় এবং আসবাবপত্রে আগুন ধরিয়ে দেয়। ফায়ার সার্ভিসের দুটি ইউনিট ঘটনাস্থলে গিয়ে আগুন নিয়ন্ত্রণে আনে। জাতীয় পার্টির নেতারা অভিযোগ করেছেন, পরিকল্পিতভাবে এই হামলা চালানো হয়েছে। ঠাকুরগাঁও, রংপুর, কুড়িগ্রাম ও গাইবান্ধাসহ বিভিন্ন জেলায় দলটির কার্যালয়ে হামলার খবর পাওয়া গেছে। টাঙ্গাইলে জাতীয় পার্টির জেলা কার্যালয়ে ভাঙচুর করা হয়েছে। ময়মনসিংহে কার্যালয়ের সাইনবোর্ড খুলে ফেলা হয়েছে। রাজশাহীতে দলীয় কার্যালয়ে তালা লাগিয়ে দেওয়া হয়। সিলেটে দলটির নেতাদের বাসায় হামলার অভিযোগ পাওয়া গেছে। পুলিশ জানিয়েছে, পরিস্থিতি নিয়ন্ত্রণে অতিরিক্ত ফোর্স মোতায়েন করা হয়েছে। এ ঘটনায় মামলার প্রস্তুতি চলছে বলে দলটির পক্ষ থেকে জানানো হয়েছে। ভিডিও ফুটেজে দেখা যায়, মিছিল নিয়ে কয়েকশ মানুষ কার্যালয়ের সামনে জড়ো হয়। এ সময় তারা ভাঙচুর চালায় এবং আসবাবপত্রে আগুন ধরিয়ে দেয়। ফায়ার সার্ভিসের দুটি ইউনিট ঘটনাস্থলে গিয়ে আগুন নিয়ন্ত্রণে আনে। জাতীয় পার্টির নেতারা অভিযোগ করেছেন, পরিকল্পিতভাবে এই হামলা চালানো হয়েছে। ঠাকুরগাঁও, রংপুর, কুড়িগ্রাম ও গাইবান্ধাসহ বিভিন্ন জেলায় দলটির কার্যালয়ে হামলার খবর পাওয়া গেছে। টাঙ্গাইলে জাতীয় পার্টির জেলা কার্যালয়ে ভাঙচুর করা হয়েছে। ময়মনসিংহে কার্যালয়ের সাইনবোর্ড খুলে ফেলা হয়েছে। রাজশাহীতে দলীয় কার্যালয়ে তালা লাগিয়ে দেওয়া হয়। সিলেটে দলটির নেতাদের বাসায় হামলার অভিযোগ পাওয়া গেছে। পুলিশ জানিয়েছে, পরিস্থিতি নিয়ন্ত্রণে অতিরিক্ত ফোর্স মোতায়েন করা হয়েছে। এ ঘটনায় মামলার প্রস্তুতি চলছে বলে দলটির পক্ষ থেকে জানানো হয়েছে। ভিডিও ফুটেজে দেখা যায়, মিছিল নিয়ে কয়েকশ মানুষ কার্যালয়ের সামনে জড়ো হয়। এ সময় তারা ভাঙচুর চালায় এবং আসবাবপত্রে আগুন ধরিয়ে দেয়। ফায়ার সার্ভিসের দুটি ইউনিট ঘটনাস্থলে গিয়ে আগুন নিয়ন্ত্রণে আনে। জাতীয় পার্টির নেতারা অভিযোগ করেছেন, পরিকল্পিতভাবে এই হামলা চালানো হয়েছে। ঠাকুরগাঁও, রংপুর, কুড়িগ্রাম ও গাইবান্ধাসহ বিভিন্ন জেলায় দলটির কার্যালয়ে হামলার খবর পাওয়া গেছে। টাঙ্গাইলে জাতীয় পার্টির জেলা কার্যালয়ে ভাঙচুর করা হয়েছে। ময়মনসিংহে কার্যালয়ের সাইনবোর্ড খুলে ফেলা হয়েছে। রাজশাহীতে দলীয় কার্যালয়ে তালা লাগিয়ে দেওয়া হয়। সিলেটে দলটির নেতাদের বাসায় হামলার অভিযোগ পাওয়া গেছে। পুলিশ জানিয়েছে, পরিস্থিতি নিয়ন্ত্রণে অতিরিক্ত ফোর্স মোতায়েন করা হয়েছে। এ ঘটনায় মামলার প্রস্তুতি চলছে বলে দলটির পক্ষ থেকে জানানো হয়েছে। ভিডিও ফুটেজে দেখা যায়, মিছিল নিয়ে কয়েকশ মানুষ কার্যালয়ের সামনে জড়ো হয়। এ সময় তারা ভাঙচুর চালায় এবং আসবাবপত্রে আগুন ধরিয়ে দেয়। ফায়ার সার্ভিসের দুটি ইউনিট ঘটনাস্থলে গিয়ে আগুন নিয়ন্ত্রণে আনে। জাতীয় পার্টির নেতারা অভিযোগ করেছেন, পরিকল্পিতভাবে এই হামলা চালানো হয়েছে। ঠাকুরগাঁও, রংপুর, কুড়িগ্রাম ও গাইবান্ধাসহ বিভিন্ন জেলায় দলটির কার্যালয়ে হামলার খবর পাওয়া গেছে। টাঙ্গাইলে জাতীয় পার্টির জেলা কার্যালয়ে ভাঙচুর করা হয়েছে। ময়মনসিংহে কার্যালয়ের সাইনবোর্ড খুলে ফেলা হয়েছে। রাজশাহীতে দলীয় কার্যালয়ে তালা লাগিয়ে দেওয়া হয়। সিলেটে দলটির নেতাদের বাসায় হামলার অভিযোগ পাওয়া গেছে। পুলিশ জানিয়েছে, পরিস্থিতি নিয়ন্ত্রণে অতিরিক্ত ফোর্স মোতায়েন করা হয়েছে। এ ঘটনায় মামলার প্রস্তুতি চলছে বলে দলটির পক্ষ থেকে জানানো হয়েছে। ভিডিও ফুটেজে দেখা যায়, মিছিল নিয়ে কয়েকশ মানুষ কার্যালয়ের সামনে জড়ো হয়। এ সময় তারা ভাঙচুর চালায় এবং আসবাবপত্রে আগুন ধরিয়ে দেয়। ফায়ার সার্ভিসের দুটি ইউনিট ঘটনাস্থলে গিয়ে আগুন নিয়ন্ত্রণে আনে। জাতীয় পার্টির নেতারা অভিযোগ করেছেন, পরিকল্পিতভাবে এই হামলা চালানো হয়েছে। ঠাকুরগাঁও, রংপুর, কুড়িগ্রাম ও গাইবান্ধাসহ বিভিন্ন জেলায় দলটির কার্যালয়ে হামলার খবর পাওয়া গেছে। টাঙ্গাইলে জাতীয় পার্টির জেলা কার্যালয়ে ভাঙচুর করা হয়েছে। ময়মনসিংহে কার্যালয়ের সাইনবোর্ড খুলে ফেলা হয়েছে। রাজশাহীতে দলীয় কার্যালয়ে তালা লাগিয়ে দেওয়া হয়। সিলেটে দলটির নেতাদের বাসায় হামলার অভিযোগ পাওয়া গেছে। পুলিশ জানিয়েছে, পরিস্থ
বিচার বিভাগীয় তদন্ত হবে
১ম পাতার পর
নেতা নজরুল ইসলাম খান ও সালাহউদ্দিন আহমদসহ অন্যান্য নেতারা উপস্থিত ছিলেন। প্রধান উপদেষ্টা বলেন, এই ঘটনার একটি স্বচ্ছ বিচার বিভাগীয় তদন্ত হবে এবং দোষীদের কোনো ছাড় দেওয়া হবে না। এর আগে বৈঠকে বিএনপি নেতারা হামলার তীব্র নিন্দা জানান। তারা বলেন, রাজনৈতিক সহিংসতা বন্ধ না হলে সুষ্ঠু নির্বাচন সম্ভব নয়। প্রধান উপদেষ্টা জানান, সরকার সব দলের নিরাপত্তা নিশ্চিত করতে বদ্ধপরিকর। আইনশৃঙ্খলা বাহিনীকে কঠোর নির্দেশনা দেওয়া হয়েছে। তিনি বলেন, গণতান্ত্রিক উত্তরণের পথে কোনো বাধা মেনে নেওয়া হবে না। বৈঠকে নির্বাচনি রোডম্যাপ ও প্রস্তুতি নিয়েও আলোচনা হয়। বিএনপি নেতারা দ্রুত নির্বাচনের তারিখ ঘোষণার দাবি জানান। প্রধান উপদেষ্টা আশ্বস্ত করেন, ঘোষিত সময়সূচি অনুযায়ী নির্বাচন অনুষ্ঠিত হবে। বৈঠক শেষে প্রেস সচিব সাংবাদিকদের বিস্তারিত ব্রিফ করেন। নেতা নজরুল ইসলাম খান ও সালাহউদ্দিন আহমদসহ অন্যান্য নেতারা উপস্থিত ছিলেন। প্রধান উপদেষ্টা বলেন, এই ঘটনার একটি স্বচ্ছ বিচার বিভাগীয় তদন্ত হবে এবং দোষীদের কোনো ছাড় দেওয়া হবে না। এর আগে বৈঠকে বিএনপি নেতারা হামলার তীব্র নিন্দা জানান। তারা বলেন, রাজনৈতিক সহিংসতা বন্ধ না হলে সুষ্ঠু নির্বাচন সম্ভব নয়। প্রধান উপদেষ্টা জানান, সরকার সব দলের নিরাপত্তা নিশ্চিত করতে বদ্ধপরিকর। আইনশৃঙ্খলা বাহিনীকে কঠোর নির্দেশনা দেওয়া হয়েছে। তিনি বলেন, গণতান্ত্রিক উত্তরণের পথে কোনো বাধা মেনে নেওয়া হবে না। বৈঠকে নির্বাচনি রোডম্যাপ ও প্রস্তুতি নিয়েও আলোচনা হয়। বিএনপি নেতারা দ্রুত নির্বাচনের তারিখ ঘোষণার দাবি জানান। প্রধান উপদেষ্টা আশ্বস্ত করেন, ঘোষিত সময়সূচি অনুযায়ী নির্বাচন অনুষ্ঠিত হবে। বৈঠক শেষে প্রেস সচিব সাংবাদিকদের বিস্তারিত ব্রিফ করেন। নেতা নজরুল ইসলাম খান ও সালাহউদ্দিন আহমদসহ অন্যান্য নেতারা উপস্থিত ছিলেন। প্রধান উপদেষ্টা বলেন, এই ঘটনার একটি স্বচ্ছ বিচার বিভাগীয় তদন্ত হবে এবং দোষীদের কোনো ছাড় দেওয়া হবে না। এর আগে বৈঠকে বিএনপি নেতারা হামলার তীব্র নিন্দা জানান। তারা বলেন, রাজনৈতিক সহিংসতা বন্ধ না হলে সুষ্ঠু নির্বাচন সম্ভব নয়। প্রধান উপদেষ্টা জানান, সরকার সব দলের নিরাপত্তা নিশ্চিত করতে বদ্ধপরিকর। আইনশৃঙ্খলা বাহিনীকে কঠোর নির্দেশনা দেওয়া হয়েছে। তিনি বলেন, গণতান্ত্রিক উত্তরণের পথে কোনো বাধা মেনে নেওয়া হবে না। বৈঠকে নির্বাচনি রোডম্যাপ ও প্রস্তুতি নিয়েও আলোচনা হয়। বিএনপি নেতারা দ্রুত নির্বাচনের তারিখ ঘোষণার দাবি জানান। প্রধান উপদেষ্টা আশ্বস্ত করেন, ঘোষিত সময়সূচি অনুযায়ী নির্বাচন অনুষ্ঠিত হবে। বৈঠক শেষে প্রেস সচিব সাংবাদিকদের বিস্তারিত ব্রিফ করেন। নেতা নজরুল ইসলাম খান ও সালাহউদ্দিন আহমদসহ অন্যান্য নেতারা উপস্থিত ছিলেন। প্রধান উপদেষ্টা বলেন, এই ঘটনার একটি স্বচ্ছ বিচার বিভাগীয় তদন্ত হবে এবং দোষীদের কোনো ছাড় দেওয়া হবে না। এর আগে বৈঠকে বিএনপি নেতারা হামলার তীব্র নিন্দা জানান। তারা বলেন, রাজনৈতিক সহিংসতা বন্ধ না হলে সুষ্ঠু নির্বাচন সম্ভব নয়। প্রধান উপদেষ্টা জানান, সরকার সব দলের নিরাপত্তা নিশ্চিত করতে বদ্ধপরিকর। আইনশৃঙ্খলা বাহিনীকে কঠোর নির্দেশনা দেওয়া হয়েছে। তিনি বলেন, গণতান্ত্রিক উত্তরণের পথে কোনো বাধা মেনে নেওয়া হবে না। বৈঠকে নির্বাচনি রোডম্যাপ ও প্রস্তুতি নিয়েও আলোচনা হয়। বিএনপি নেতারা দ্রুত নির্বাচনের তারিখ ঘোষণার দাবি জানান। প্রধান উপদেষ্টা আশ্বস্ত করেন, ঘোষিত সময়সূচি অনুযায়ী নির্বাচন অনুষ্ঠিত হবে। বৈঠক শেষে প্রেস সচিব সাংবাদিকদের বিস্তারিত ব্রিফ করেন। নেতা নজরুল ইসলাম খান ও সালাহউদ্দিন আহমদসহ অন্যান্য নেতারা উপস্থিত ছিলেন। প্রধান উপদেষ্টা বলেন, এই ঘটনার একটি স্বচ্ছ বিচার বিভাগীয় তদন্ত হবে এবং দোষীদের কোনো ছাড় দেওয়া হবে না। এর আগে বৈঠকে বিএনপি নেতারা হামলার তীব্র নিন্দা জানান। তারা বলেন, রাজনৈতিক সহিংসতা বন্ধ না হলে সুষ্ঠু নির্বাচন সম্ভব নয়। প্রধান উপদেষ্টা জানান, সরকার সব দলের নিরাপত্তা নিশ্চিত করতে বদ্ধপরিকর। আইনশৃঙ্খলা বাহিনীকে কঠোর নির্দেশনা দেওয়া হয়েছে। তিনি বলেন, গণতান্ত্রিক উত্তরণের পথে কোনো বাধা মেনে নেওয়া হবে না। বৈঠকে নির্বাচনি রোডম্যাপ ও প্রস্তুতি নিয়েও আলোচনা হয়। বিএনপি নেতারা দ্রুত নির্বাচনের তারিখ ঘোষণার দাবি জানান। প্রধান উপদেষ্টা আশ্বস্ত করেন, ঘোষিত সময়সূচি অনুযায়ী নির্বাচন অনুষ্ঠিত হবে। বৈঠক শেষে প্রেস সচিব সাংবাদিকদের বিস্তারিত ব্রিফ করেন। নেতা নজরুল ইসলাম খান ও সালাহউদ্দিন আহমদসহ অন্যান্য নেতারা উপস্থিত ছিলেন। প্রধান উপদেষ্টা বলেন, এই ঘটনার একটি স্বচ্ছ বিচার বিভাগীয় তদন্ত হবে এবং দোষীদের কোনো ছাড় দেওয়া হবে না। এর আগে বৈঠকে বিএনপি নেতারা হামলার তীব্র নিন্দা জানান। তারা বলেন, রাজনৈতিক সহিংসতা বন্ধ না হলে সুষ্ঠু নির্বাচন সম্ভব নয়। প্রধান উপদেষ্টা জানান, সরকার সব দলের নিরাপত্তা নিশ্চিত করতে বদ্ধপরিকর। আইনশৃঙ্খলা বাহিনীকে কঠোর নির্দেশনা দেওয়া হয়েছে। তিনি বলেন, গণতান্ত্রিক উত্তরণের পথে কোনো বাধা মেনে নেওয়া হবে না। বৈঠকে নির্বাচনি রোডম্যাপ ও প্রস্তুতি নিয়েও আলোচনা হয়। বিএনপি নেতারা দ্রুত নির্বাচনের তারিখ ঘোষণার দাবি জানান। প্রধান উপদেষ্টা আশ্বস্ত করেন, ঘোষিত সময়সূচি অনুযায়ী নির্বাচন অনুষ্ঠিত হবে। বৈঠক শেষে প্রেস সচিব সাংবাদিকদের বিস্তারিত ব্রিফ করেন। নেতা নজরুল ই
আল্লাহ ছাড়া ফেব্রুয়ারির নির্বাচন কেউ রুখতে
১ম পাতার পর
তিনি বলেন, দেশের মানুষ ভোট দিতে মুখিয়ে আছে। আওয়ামী লীগের ইতিহাস হলো গণতন্ত্র হত্যার ইতিহাস। তারা দেশের মানুষের ভোটাধিকার কেড়ে নিয়েছিল। এখন আর কোনো ষড়যন্ত্র করে নির্বাচন ঠেকানো যাবে না। ফেব্রুয়ারিতেই নির্বাচন হবে ইনশাআল্লাহ। তিনি আরও বলেন, আমরা সংস্কারের পক্ষে, তবে সংস্কারের নামে নির্বাচন বিলম্বিত করা যাবে না। জনগণের রায়ের মাধ্যমেই দেশ পরিচালিত হবে। সমাবেশে কেন্দ্রীয় ও স্থানীয় নেতৃবৃন্দ বক্তব্য রাখেন। এতে বিপুল সংখ্যক নেতাকর্মী অংশ নেন। তিনি বলেন, দেশের মানুষ ভোট দিতে মুখিয়ে আছে। আওয়ামী লীগের ইতিহাস হলো গণতন্ত্র হত্যার ইতিহাস। তারা দেশের মানুষের ভোটাধিকার কেড়ে নিয়েছিল। এখন আর কোনো ষড়যন্ত্র করে নির্বাচন ঠেকানো যাবে না। ফেব্রুয়ারিতেই নির্বাচন হবে ইনশাআল্লাহ। তিনি আরও বলেন, আমরা সংস্কারের পক্ষে, তবে সংস্কারের নামে নির্বাচন বিলম্বিত করা যাবে না। জনগণের রায়ের মাধ্যমেই দেশ পরিচালিত হবে। সমাবেশে কেন্দ্রীয় ও স্থানীয় নেতৃবৃন্দ বক্তব্য রাখেন। এতে বিপুল সংখ্যক নেতাকর্মী অংশ নেন। তিনি বলেন, দেশের মানুষ ভোট দিতে মুখিয়ে আছে। আওয়ামী লীগের ইতিহাস হলো গণতন্ত্র হত্যার ইতিহাস। তারা দেশের মানুষের ভোটাধিকার কেড়ে নিয়েছিল। এখন আর কোনো ষড়যন্ত্র করে নির্বাচন ঠেকানো যাবে না। ফেব্রুয়ারিতেই নির্বাচন হবে ইনশাআল্লাহ। তিনি আরও বলেন, আমরা সংস্কারের পক্ষে, তবে সংস্কারের নামে নির্বাচন বিলম্বিত করা যাবে না। জনগণের রায়ের মাধ্যমেই দেশ পরিচালিত হবে। সমাবেশে কেন্দ্রীয় ও স্থানীয় নেতৃবৃন্দ বক্তব্য রাখেন। এতে বিপুল সংখ্যক নেতাকর্মী অংশ নেন। তিনি বলেন, দেশের মানুষ ভোট দিতে মুখিয়ে আছে। আওয়ামী লীগের ইতিহাস হলো গণতন্ত্র হত্যার ইতিহাস। তারা দেশের মানুষের ভোটাধিকার কেড়ে নিয়েছিল। এখন আর কোনো ষড়যন্ত্র করে নির্বাচন ঠেকানো যাবে না। ফেব্রুয়ারিতেই নির্বাচন হবে ইনশাআল্লাহ। তিনি আরও বলেন, আমরা সংস্কারের পক্ষে, তবে সংস্কারের নামে নির্বাচন বিলম্বিত করা যাবে না। জনগণের রায়ের মাধ্যমেই দেশ পরিচালিত হবে। সমাবেশে কেন্দ্রীয় ও স্থানীয় নেতৃবৃন্দ বক্তব্য রাখেন। এতে বিপুল সংখ্যক নেতাকর্মী অংশ নেন। তিনি বলেন, দেশের মানুষ ভোট দিতে মুখিয়ে আছে। আওয়ামী লীগের ইতিহাস হলো গণতন্ত্র হত্যার ইতিহাস। তারা দেশের মানুষের ভোটাধিকার কেড়ে নিয়েছিল। এখন আর কোনো ষড়যন্ত্র করে নির্বাচন ঠেকানো যাবে না। ফেব্রুয়ারিতেই নির্বাচন হবে ইনশাআল্লাহ। তিনি আরও বলেন, আমরা সংস্কারের পক্ষে, তবে সংস্কারের নামে নির্বাচন বিলম্বিত করা যাবে না। জনগণের রায়ের মাধ্যমেই দেশ পরিচালিত হবে। সমাবেশে কেন্দ্রীয় ও স্থানীয় নেতৃবৃন্দ বক্তব্য রাখেন। এতে বিপুল সংখ্যক নেতাকর্মী অংশ নেন। তিনি বলেন, দেশের মানুষ ভোট দিতে মুখিয়ে আছে। আওয়ামী লীগের ইতিহাস হলো গণতন্ত্র হত্যার ইতিহাস। তারা দেশের মানুষের ভোটাধিকার কেড়ে নিয়েছিল। এখন আর কোনো ষড়যন্ত্র করে নির্বাচন ঠেকানো যাবে না। ফেব্রুয়ারিতেই নির্বাচন হবে ইনশাআল্লাহ। তিনি আরও বলেন, আমরা সংস্কারের পক্ষে, তবে সংস্কারের নামে নির্বাচন বিলম্বিত করা যাবে না। জনগণের রায়ের মাধ্যমেই দেশ পরিচালিত হবে। সমাবেশে কেন্দ্রীয় ও স্থানীয় নেতৃবৃন্দ বক্তব্য রাখেন। এতে বিপুল সংখ্যক নেতাকর্মী অংশ নেন। তিনি বলেন, দেশের মানুষ ভোট দিতে মুখিয়ে আছে। আওয়ামী লীগের ইতিহাস হলো গণতন্ত্র হত্যার ইতিহাস। তারা দেশের মানুষের
মানবতাবিরোধী অপরাধের বিচারে তাড়াহুড়া
শেষ পাতার পর
নিয়ে আলোচনা করা হয়। তিনি বলেন, মানবতাবিরোধী অপরাধের বিচার হতে হবে স্বচ্ছ ও আন্তর্জাতিক মানদণ্ড অনুযায়ী। তাড়াহুড়া করে বিচার করলে ন্যায়বিচার প্রশ্নবিদ্ধ হতে পারে। আন্তর্জাতিক অপরাধ ট্রাইব্যুনালের কার্যক্রম নিয়ে বিভিন্ন মহলে আলোচনা চলছে। জুলাই-আগস্টে সংঘটিত হত্যাকাণ্ডের বিচার দ্রুত শেষ করার দাবি উঠেছে। তবে আইনজ্ঞরা বলছেন, সাক্ষ্য-প্রমাণ যথাযথভাবে উপস্থাপন করা জরুরি। অভিযুক্তদের আইনি সহায়তা পাওয়ার অধিকারও নিশ্চিত করতে হবে। মানবাধিকার সংগঠনগুলো বিচার প্রক্রিয়া পর্যবেক্ষণের আহ্বান জানিয়েছে। নিয়ে আলোচনা করা হয়। তিনি বলেন, মানবতাবিরোধী অপরাধের বিচার হতে হবে স্বচ্ছ ও আন্তর্জাতিক মানদণ্ড অনুযায়ী। তাড়াহুড়া করে বিচার করলে ন্যায়বিচার প্রশ্নবিদ্ধ হতে পারে। আন্তর্জাতিক অপরাধ ট্রাইব্যুনালের কার্যক্রম নিয়ে বিভিন্ন মহলে আলোচনা চলছে। জুলাই-আগস্টে সংঘটিত হত্যাকাণ্ডের বিচার দ্রুত শেষ করার দাবি উঠেছে। তবে আইনজ্ঞরা বলছেন, সাক্ষ্য-প্রমাণ যথাযথভাবে উপস্থাপন করা জরুরি। অভিযুক্তদের আইনি সহায়তা পাওয়ার অধিকারও নিশ্চিত করতে হবে। মানবাধিকার সংগঠনগুলো বিচার প্রক্রিয়া পর্যবেক্ষণের আহ্বান জানিয়েছে। নিয়ে আলোচনা করা হয়। তিনি বলেন, মানবতাবিরোধী অপরাধের বিচার হতে হবে স্বচ্ছ ও আন্তর্জাতিক মানদণ্ড অনুযায়ী। তাড়াহুড়া করে বিচার করলে ন্যায়বিচার প্রশ্নবিদ্ধ হতে পারে। আন্তর্জাতিক অপরাধ ট্রাইব্যুনালের কার্যক্রম নিয়ে বিভিন্ন মহলে আলোচনা চলছে। জুলাই-আগস্টে সংঘটিত হত্যাকাণ্ডের বিচার দ্রুত শেষ করার দাবি উঠেছে। তবে আইনজ্ঞরা বলছেন, সাক্ষ্য-প্রমাণ যথাযথভাবে উপস্থাপন করা জরুরি। অভিযুক্তদের আইনি সহায়তা পাওয়ার অধিকারও নিশ্চিত করতে হবে। মানবাধিকার সংগঠনগুলো বিচার প্রক্রিয়া পর্যবেক্ষণের আহ্বান জানিয়েছে। নিয়ে আলোচনা করা হয়। তিনি বলেন, মানবতাবিরোধী অপরাধের বিচার হতে হবে স্বচ্ছ ও আন্তর্জাতিক মানদণ্ড অনুযায়ী। তাড়াহুড়া করে বিচার করলে ন্যায়বিচার প্রশ্নবিদ্ধ হতে পারে। আন্তর্জাতিক অপরাধ ট্রাইব্যুনালের কার্যক্রম নিয়ে বিভিন্ন মহলে আলোচনা চলছে। জুলাই-আগস্টে সংঘটিত হত্যাকাণ্ডের বিচার দ্রুত শেষ করার দাবি উঠেছে। তবে আইনজ্ঞরা বলছেন, সাক্ষ্য-প্রমাণ যথাযথভাবে উপস্থাপন করা জরুরি। অভিযুক্তদের আইনি সহায়তা পাওয়ার অধিকারও নিশ্চিত করতে হবে। মানবাধিকার সংগঠনগুলো বিচার প্রক্রিয়া পর্যবেক্ষণের আহ্বান জানিয়েছে। নিয়ে আলোচনা করা হয়। তিনি বলেন, মানবতাবিরোধী অপরাধের বিচার হতে হবে স্বচ্ছ ও আন্তর্জাতিক মানদণ্ড অনুযায়ী। তাড়াহুড়া করে বিচার করলে ন্যায়বিচার প্রশ্নবিদ্ধ হতে পারে। আন্তর্জাতিক অপরাধ ট্রাইব্যুনালের কার্যক্রম নিয়ে বিভিন্ন মহলে আলোচনা চলছে। জুলাই-আগস্টে সংঘটিত হত্যাকাণ্ডের বিচার দ্রুত শেষ করার দাবি উঠেছে। তবে আইনজ্ঞরা বলছেন, সাক্ষ্য-প্রমাণ যথাযথভাবে উপস্থাপন করা জরুরি। অভিযুক্তদের আইনি সহায়তা পাওয়ার অধিকারও নিশ্চিত করতে হবে। মানবাধিকার সংগঠনগুলো বিচার প্রক্রিয়া পর্যবেক্ষণের আহ্বান জানিয়েছে। নিয়ে আলোচনা করা হয়। তিনি বলেন, মানবতাবিরোধী অপরাধের বিচার হতে হবে স্বচ্ছ ও আন্তর্জাতিক মানদণ্ড অনুযায়ী। তাড়াহুড়া করে বিচার করলে ন্যায়বিচার প্রশ্নবিদ্ধ হতে পারে। আন্তর্জাতিক অপরাধ ট্রাইব্যুনালের কার্যক্রম নিয়ে বিভিন্ন মহলে আলোচনা চলছে। জুলাই-আগস্টে সংঘটিত হত্যাকাণ্ডের বিচার দ্রুত শেষ করার দাবি উঠেছে। তবে আইনজ্ঞরা বলছেন, সাক্ষ্য-প্রমাণ যথাযথভাবে উপস্থাপন করা জরুরি। অভিযুক্তদের আইনি সহায়তা পাওয়ার অধিকারও নিশ্চিত করতে হবে। মানবাধিকার সংগঠনগুলো বিচার প্রক্রিয়া পর্যবেক্ষণের আহ্বান জানিয়েছে। নিয়ে আলোচনা করা হয়। তিনি বলেন, মানবতাবিরোধী অপরাধের বিচার হতে হবে স্বচ্ছ ও আন্তর্জাতিক মানদণ্ড অনুযায়ী। তাড়াহুড়া করে বিচার করলে ন্যায়বিচার প্রশ্নবিদ্ধ হতে পারে। আন্তর্জাতিক অপরাধ ট্রাইব্যুনালের কার্যক্রম নিয়ে বিভিন্ন মহলে আলোচনা চলছে। জুলাই-আগস্টে সংঘটিত হত্যাকাণ্ডের বিচার দ্রুত শেষ করার দাবি উঠেছে। তবে আইনজ্ঞরা বলছেন, সাক্ষ্য-প্রমাণ যথাযথভাবে উপস্থাপন করা জরুরি। অভিযুক্তদের আইনি সহায়তা পাওয়ার অধিক
বৈষম্যের শিকার ৪২% বিশ্ববিদ্যালয় শিক্ষার্থী
১ম পাতার পর
আঁচল ফাউন্ডেশনের জরিপে দেখা গেছে, বিশ্ববিদ্যালয় শিক্ষার্থীদের ৪২ শতাংশ বিভিন্ন ধরনের বৈষম্যের শিকার হয়েছেন। এর মধ্যে লিঙ্গভিত্তিক, আঞ্চলিক ও আর্থিক বৈষম্য উল্লেখযোগ্য। বাড়ছে মানসিক সমস্যা: বৈষম্যের শিকার শিক্ষার্থীদের মধ্যে উদ্বেগ ও বিষণ্ণতার হার বেশি। প্রশাসনিক পদক্ষেপে ঘাটতি: অধিকাংশ শিক্ষার্থী জানিয়েছেন, অভিযোগ জানানোর পরও প্রশাসন কার্যকর ব্যবস্থা নেয়নি। মানসিক স্বাস্থ্যসেবা নিতে চান না শিক্ষার্থীরা: সামাজিক লজ্জা ও অর্থের অভাবে অনেকেই কাউন্সেলিং সেবা নেন না। আঁচল ফাউন্ডেশনের প্রস্তাব: প্রতিটি বিশ্ববিদ্যালয়ে বৈষম্যবিরোধী সেল গঠন ও মানসিক স্বাস্থ্যসেবা সহজলভ্য করার সুপারিশ করা হয়েছে। আঁচল ফাউন্ডেশনের জরিপে দেখা গেছে, বিশ্ববিদ্যালয় শিক্ষার্থীদের ৪২ শতাংশ বিভিন্ন ধরনের বৈষম্যের শিকার হয়েছেন। এর মধ্যে লিঙ্গভিত্তিক, আঞ্চলিক ও আর্থিক বৈষম্য উল্লেখযোগ্য। বাড়ছে মানসিক সমস্যা: বৈষম্যের শিকার শিক্ষার্থীদের মধ্যে উদ্বেগ ও বিষণ্ণতার হার বেশি। প্রশাসনিক পদক্ষেপে ঘাটতি: অধিকাংশ শিক্ষার্থী জানিয়েছেন, অভিযোগ জানানোর পরও প্রশাসন কার্যকর ব্যবস্থা নেয়নি। মানসিক স্বাস্থ্যসেবা নিতে চান না শিক্ষার্থীরা: সামাজিক লজ্জা ও অর্থের অভাবে অনেকেই কাউন্সেলিং সেবা নেন না। আঁচল ফাউন্ডেশনের প্রস্তাব: প্রতিটি বিশ্ববিদ্যালয়ে বৈষম্যবিরোধী সেল গঠন ও মানসিক স্বাস্থ্যসেবা সহজলভ্য করার সুপারিশ করা হয়েছে। আঁচল ফাউন্ডেশনের জরিপে দেখা গেছে, বিশ্ববিদ্যালয় শিক্ষার্থীদের ৪২ শতাংশ বিভিন্ন ধরনের বৈষম্যের শিকার হয়েছেন। এর মধ্যে লিঙ্গভিত্তিক, আঞ্চলিক ও আর্থিক বৈষম্য উল্লেখযোগ্য। বাড়ছে মানসিক সমস্যা: বৈষম্যের শিকার শিক্ষার্থীদের মধ্যে উদ্বেগ ও বিষণ্ণতার হার বেশি। প্রশাসনিক পদক্ষেপে ঘাটতি: অধিকাংশ শিক্ষার্থী জানিয়েছেন, অভিযোগ জানানোর পরও প্রশাসন কার্যকর ব্যবস্থা নেয়নি। মানসিক স্বাস্থ্যসেবা নিতে চান না শিক্ষার্থীরা: সামাজিক লজ্জা ও অর্থের অভাবে অনেকেই কাউন্সেলিং সেবা নেন না। আঁচল ফাউন্ডেশনের প্রস্তাব: প্রতিটি বিশ্ববিদ্যালয়ে বৈষম্যবিরোধী সেল গঠন ও মানসিক স্বাস্থ্যসেবা সহজলভ্য করার সুপারিশ করা হয়েছে। আঁচল ফাউন্ডেশনের জরিপে দেখা গেছে, বিশ্ববিদ্যালয় শিক্ষার্থীদের ৪২ শতাংশ বিভিন্ন ধরনের বৈষম্যের শিকার হয়েছেন। এর মধ্যে লিঙ্গভিত্তিক, আঞ্চলিক ও আর্থিক বৈষম্য উল্লেখযোগ্য। বাড়ছে মানসিক সমস্যা: বৈষম্যের শিকার শিক্ষার্থীদের মধ্যে উদ্বেগ ও বিষণ্ণতার হার বেশি। প্রশাসনিক পদক্ষেপে ঘাটতি: অধিকাংশ শিক্ষার্থী জানিয়েছেন, অভিযোগ জানানোর পরও প্রশাসন কার্যকর ব্যবস্থা নেয়নি। মানসিক স্বাস্থ্যসেবা নিতে চান না শিক্ষার্থীরা: সামাজিক লজ্জা ও অর্থের অভাবে অনেকেই কাউন্সেলিং সেবা নেন না। আঁচল ফাউন্ডেশনের প্রস্তাব: প্রতিটি বিশ্ববিদ্যালয়ে বৈষম্যবিরোধী সেল গঠন ও মানসিক স্বাস্থ্যসেবা সহজলভ্য করার সুপারিশ করা হয়েছে। আঁচল ফাউন্ডেশনের জরিপে দেখা গেছে, বিশ্ববিদ্যালয় শিক্ষার্থীদের ৪২ শতাংশ বিভিন্ন ধরনের বৈষম্যের শিকার হয়েছেন। এর মধ্যে লিঙ্গভিত্তিক, আঞ্চলিক ও আর্থিক বৈষম্য উল্লেখযোগ্য। বাড়ছে মানসিক সমস্যা: বৈষম্যের শিকার শিক্ষার্থীদের মধ্যে উদ্বেগ ও বিষণ্ণতার হার বেশি। প্রশাসনিক পদক্ষেপে ঘাটতি: অধিকাংশ শিক্ষার্থী জানিয়েছেন, অভিযোগ জানানোর পরও প্রশাসন কার্যকর ব্যবস্থা নেয়নি। মানসিক স্বাস্থ্যসেবা নিতে চান না শিক্ষার্
